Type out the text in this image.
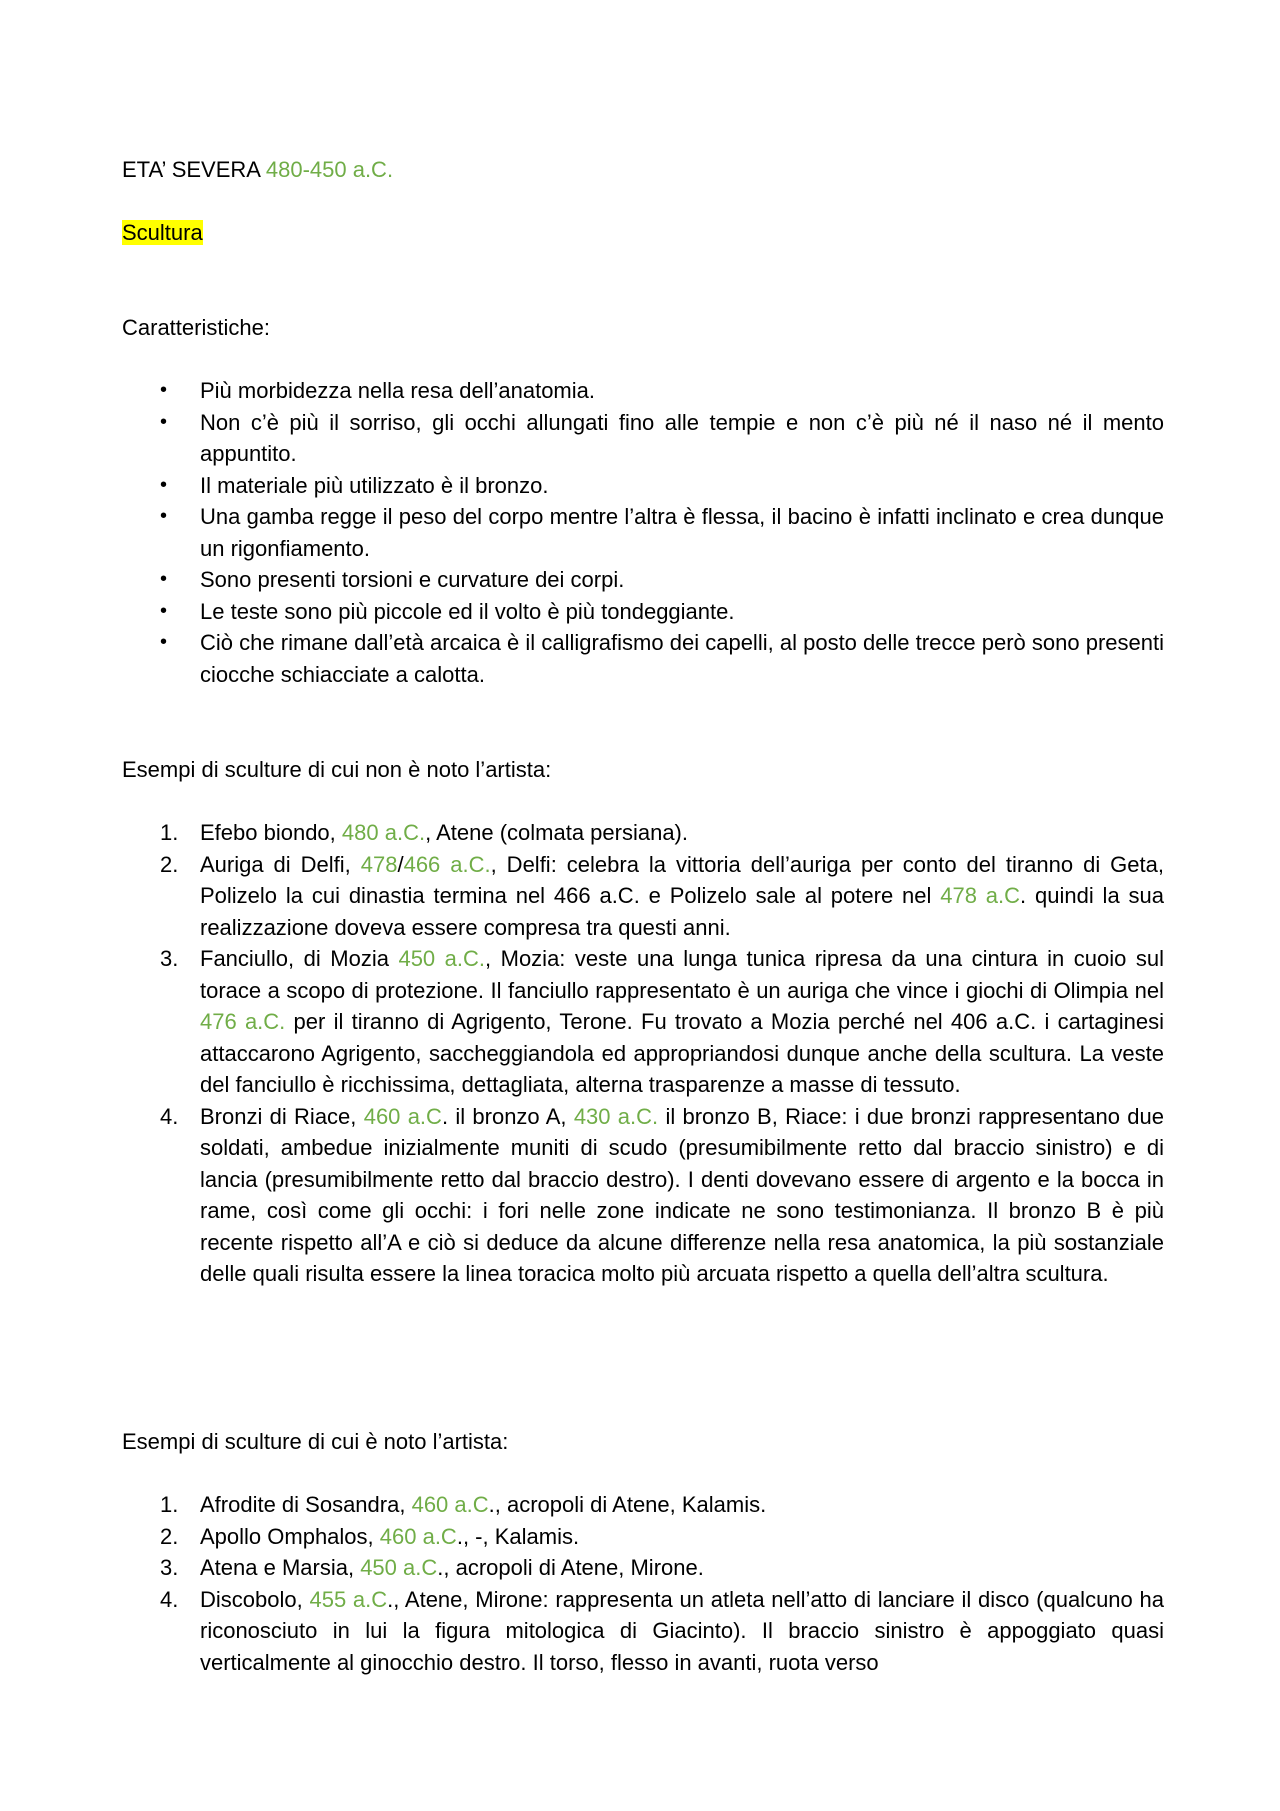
ETA’ SEVERA 480-450 a.C.
Scultura
Caratteristiche:
•	Più morbidezza nella resa dell’anatomia.
•	Non c’è più il sorriso, gli occhi allungati fino alle tempie e non c’è più né il naso né il mento appuntito.
•	Il materiale più utilizzato è il bronzo.
•	Una gamba regge il peso del corpo mentre l’altra è flessa, il bacino è infatti inclinato e crea dunque un rigonfiamento.
•	Sono presenti torsioni e curvature dei corpi.
•	Le teste sono più piccole ed il volto è più tondeggiante.
•	Ciò che rimane dall’età arcaica è il calligrafismo dei capelli, al posto delle trecce però sono presenti ciocche schiacciate a calotta.
Esempi di sculture di cui non è noto l’artista:
1. Efebo biondo, 480 a.C., Atene (colmata persiana).
2. Auriga di Delfi, 478/466 a.C., Delfi: celebra la vittoria dell’auriga per conto del tiranno di Geta, Polizelo la cui dinastia termina nel 466 a.C. e Polizelo sale al potere nel 478 a.C. quindi la sua realizzazione doveva essere compresa tra questi anni.
3. Fanciullo, di Mozia 450 a.C., Mozia: veste una lunga tunica ripresa da una cintura in cuoio sul torace a scopo di protezione. Il fanciullo rappresentato è un auriga che vince i giochi di Olimpia nel 476 a.C. per il tiranno di Agrigento, Terone. Fu trovato a Mozia perché nel 406 a.C. i cartaginesi attaccarono Agrigento, saccheggiandola ed appropriandosi dunque anche della scultura. La veste del fanciullo è ricchissima, dettagliata, alterna trasparenze a masse di tessuto.
4. Bronzi di Riace, 460 a.C. il bronzo A, 430 a.C. il bronzo B, Riace: i due bronzi rappresentano due soldati, ambedue inizialmente muniti di scudo (presumibilmente retto dal braccio sinistro) e di lancia (presumibilmente retto dal braccio destro). I denti dovevano essere di argento e la bocca in rame, così come gli occhi: i fori nelle zone indicate ne sono testimonianza. Il bronzo B è più recente rispetto all’A e ciò si deduce da alcune differenze nella resa anatomica, la più sostanziale delle quali risulta essere la linea toracica molto più arcuata rispetto a quella dell’altra scultura.
Esempi di sculture di cui è noto l’artista:
1. Afrodite di Sosandra, 460 a.C., acropoli di Atene, Kalamis.
2. Apollo Omphalos, 460 a.C., -, Kalamis.
3. Atena e Marsia, 450 a.C., acropoli di Atene, Mirone.
4. Discobolo, 455 a.C., Atene, Mirone: rappresenta un atleta nell’atto di lanciare il disco (qualcuno ha riconosciuto in lui la figura mitologica di Giacinto). Il braccio sinistro è appoggiato quasi verticalmente al ginocchio destro. Il torso, flesso in avanti, ruota verso
